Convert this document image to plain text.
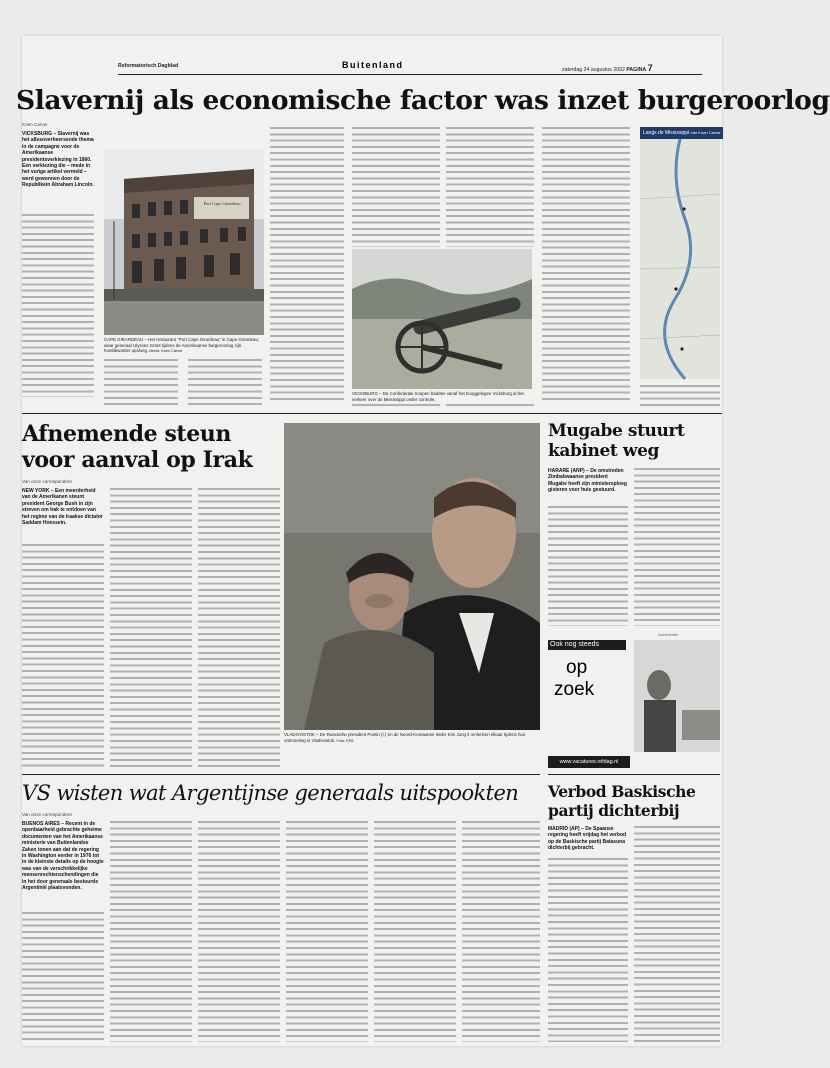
Reformatorisch Dagblad	Buitenland	zaterdag 24 augustus 2002 PAGINA 7
Slavernij als economische factor was inzet burgeroorlog
Koen Carver
VICKSBURG – Slavernij was het allesoverheersende thema in de campagne voor de Amerikaanse presidentsverkiezing in 1860. Een verkiezing die – mede in het vurige artikel vermeld – werd gewonnen door de Republikein Abraham Lincoln.
Port Cape Girardeau
CAPE GIRARDEAU – Het restaurant "Port Cape Girardeau" in Cape Girardeau, waar generaal Ulysses Grant tijdens de Amerikaanse burgeroorlog zijn hoofdkwartier opsloeg. Beeld: Koen Carver
VICKSBURG – De Confederale troepen hadden vanaf het hooggelegen Vicksburg al het verkeer over de Mississippi onder controle.
Langs de Mississippi met Koen Carver
Afnemende steun
voor aanval op Irak
Van onze correspondent
NEW YORK – Een meerderheid van de Amerikanen steunt president George Bush in zijn streven om Irak te ontdoen van het regime van de Iraakse dictator Saddam Hoessein.
VLADIVOSTOK – De Russische president Poetin (r.) en de Noord-Koreaanse leider Kim Jong Il omhelzen elkaar tijdens hun ontmoeting in Vladivostok. Foto: EPA
Mugabe stuurt
kabinet weg
HARARE (ANP) – De omstreden Zimbabwaanse president Mugabe heeft zijn ministersploeg gisteren voor huis gestuurd.
Advertentie
Ook nog steeds
op
zoek
www.vacatures.refdag.nl
VS wisten wat Argentijnse generaals uitspookten
Van onze correspondent
BUENOS AIRES – Recent in de openbaarheid gebrachte geheime documenten van het Amerikaanse ministerie van Buitenlandse Zaken tonen aan dat de regering in Washington eerder in 1976 tot in de kleinste details op de hoogte was van de verschrikkelijke mensenrechtenschendingen die in het door generaals bestuurde Argentinië plaatsvonden.
Verbod Baskische
partij dichterbij
MADRID (AP) – De Spaanse regering heeft vrijdag het verbod op de Baskische partij Batasuna dichterbij gebracht.
